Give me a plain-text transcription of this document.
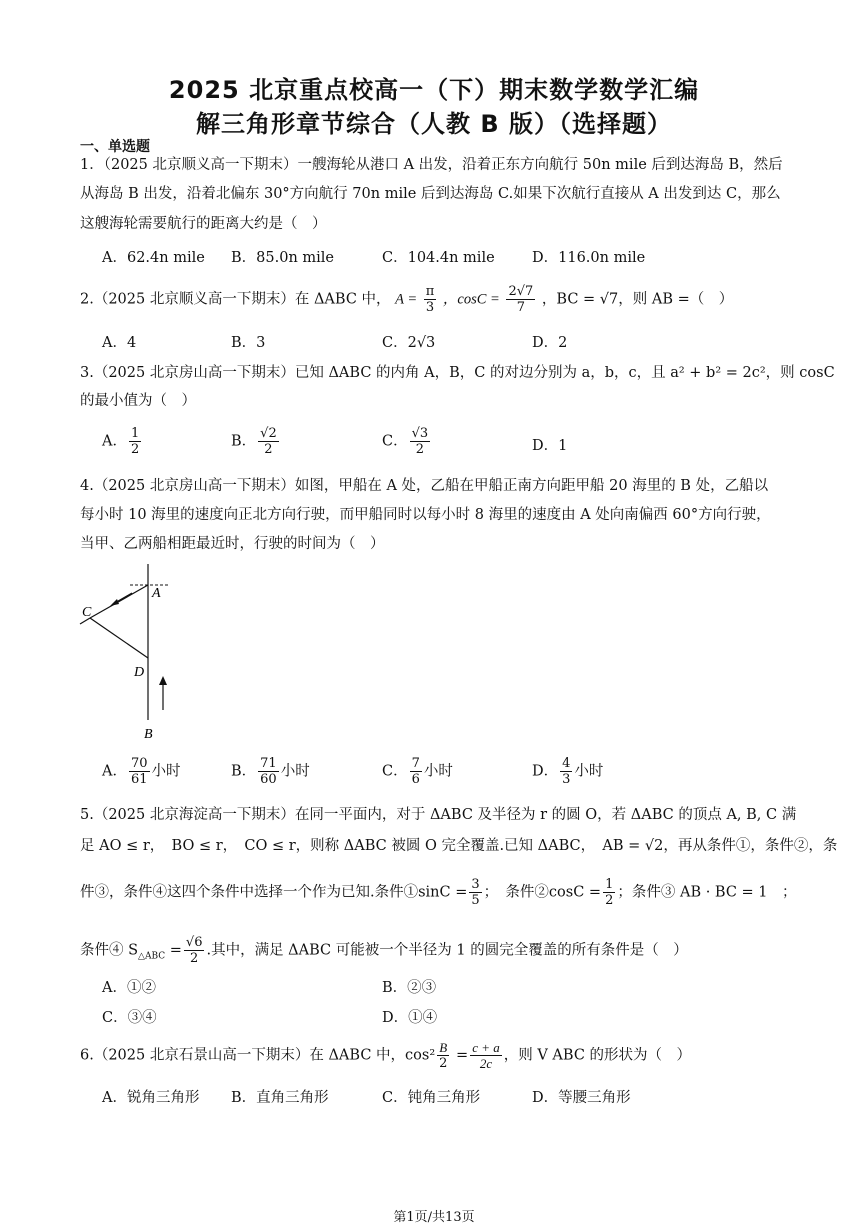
2025 北京重点校高一（下）期末数学数学汇编
解三角形章节综合（人教 B 版）（选择题）
一、单选题
1．（2025 北京顺义高一下期末）一艘海轮从港口 A 出发，沿着正东方向航行 50n mile 后到达海岛 B，然后
从海岛 B 出发，沿着北偏东 30°方向航行 70n mile 后到达海岛 C.如果下次航行直接从 A 出发到达 C，那么
这艘海轮需要航行的距离大约是（　）
A．62.4n mile B．85.0n mile	C．104.4n mile	D．116.0n mile
2.（2025 北京顺义高一下期末）在 ΔABC 中， $A = \frac{\pi}{3}$ ，$\cos C = \frac{2√7}{7}$ ，BC = √7，则 AB =（　）
A．4	B．3	C．2√3	D．2
3.（2025 北京房山高一下期末）已知 ΔABC 的内角 A，B，C 的对边分别为 a，b，c，且 a² + b² = 2c²，则 cosC
的最小值为（　）
A． $\frac{1}{2}$	B． $\frac{√2}{2}$	C． $\frac{√3}{2}$	D．1
4.（2025 北京房山高一下期末）如图，甲船在 A 处，乙船在甲船正南方向距甲船 20 海里的 B 处，乙船以
每小时 10 海里的速度向正北方向行驶，而甲船同时以每小时 8 海里的速度由 A 处向南偏西 60°方向行驶，
当甲、乙两船相距最近时，行驶的时间为（　）
A
C
D
B
A． $\frac{70}{61}$ 小时	B． $\frac{71}{60}$ 小时	C． $\frac{7}{6}$ 小时	D． $\frac{4}{3}$ 小时
5.（2025 北京海淀高一下期末）在同一平面内，对于 ΔABC 及半径为 r 的圆 O，若 ΔABC 的顶点 A, B, C 满
足 AO ≤ r，　BO ≤ r，　CO ≤ r，则称 ΔABC 被圆 O 完全覆盖.已知 ΔABC，　AB = √2，再从条件①，条件②，条
件③，条件④这四个条件中选择一个作为已知.条件①sinC = $\frac{3}{5}$ ；　条件②cosC = $\frac{1}{2}$ ；条件③ AB · BC = 1　；
条件④ $S_{\triangle ABC} = \frac{√6}{2}$ .其中，满足 ΔABC 可能被一个半径为 1 的圆完全覆盖的所有条件是（　）
A．①②	B．②③
C．③④	D．①④
6.（2025 北京石景山高一下期末）在 ΔABC 中，$\cos^2 \frac{B}{2} = \frac{c + a}{2c}$ ，则 V ABC 的形状为（　）
A．锐角三角形 B．直角三角形	C．钝角三角形	D．等腰三角形
第1页/共13页
